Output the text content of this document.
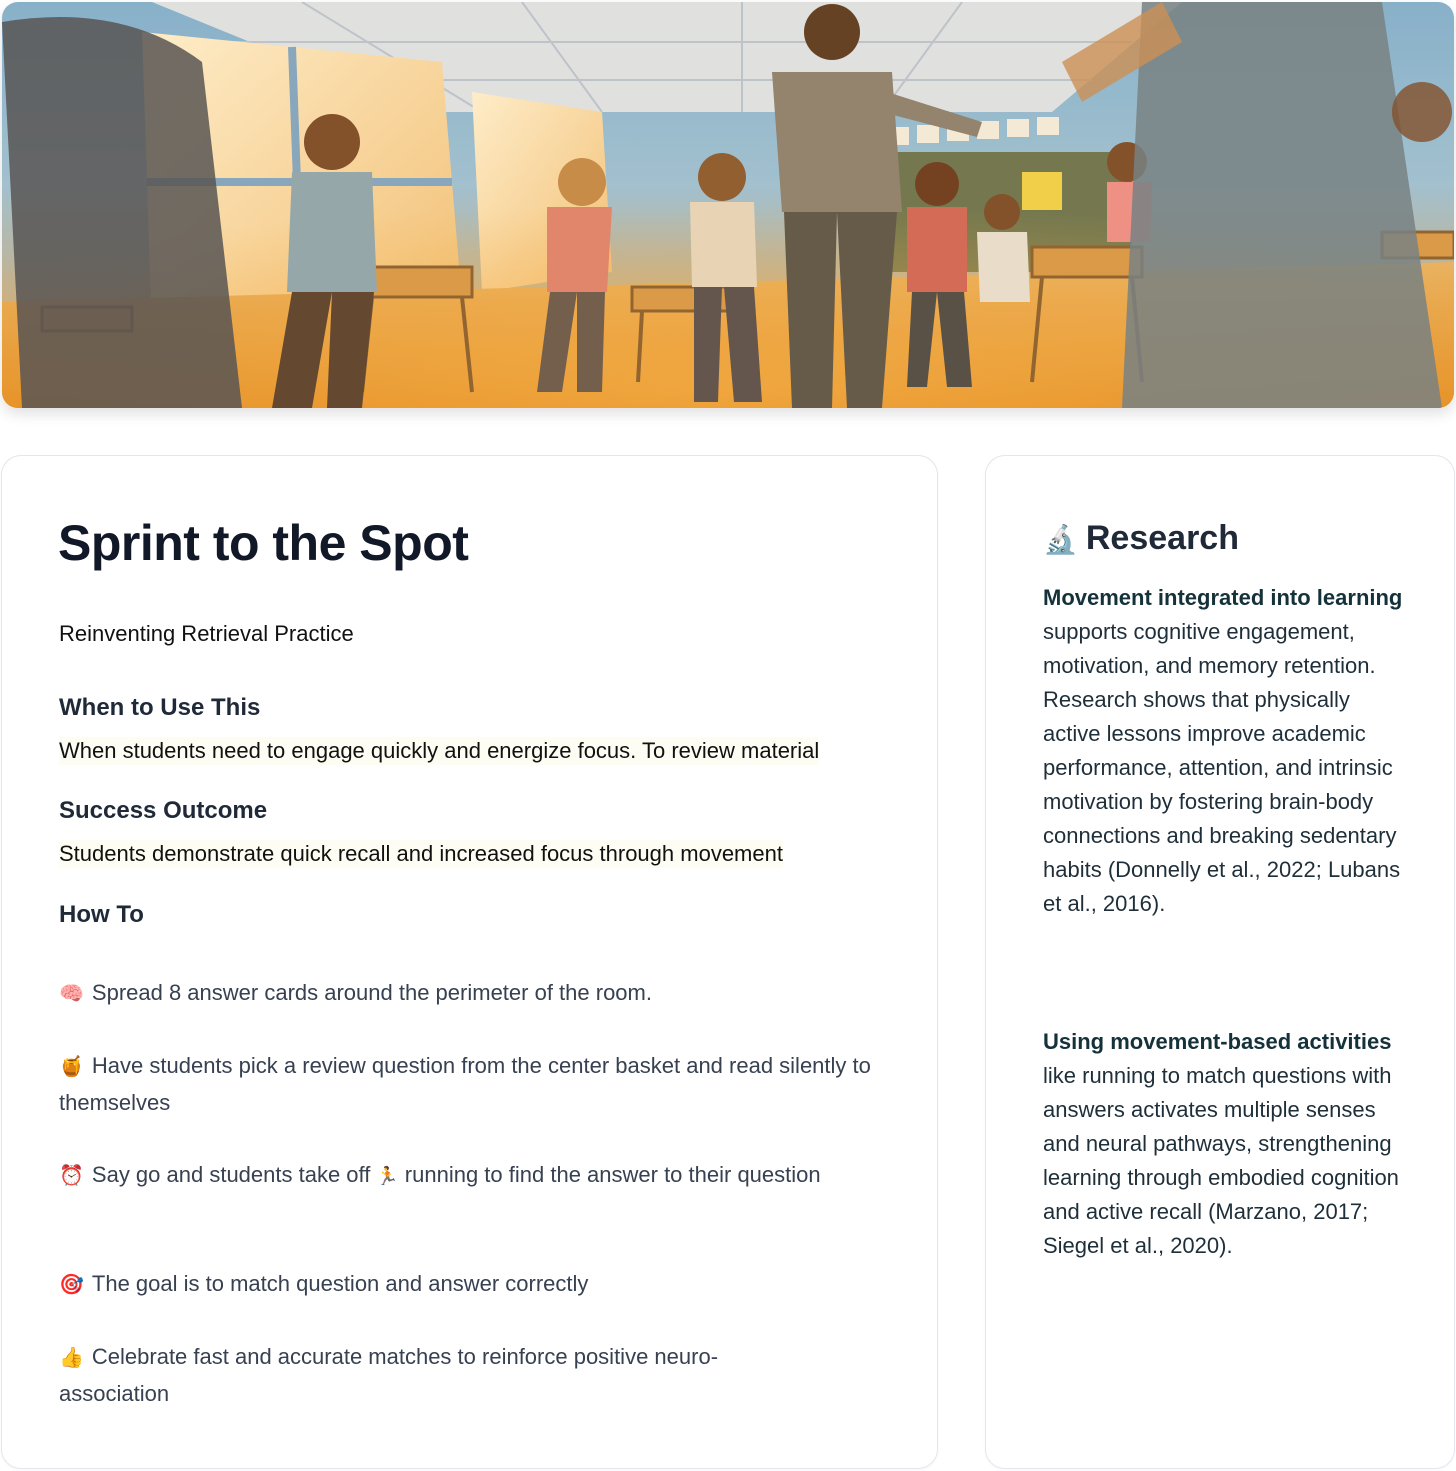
Sprint to the Spot
Reinventing Retrieval Practice
When to Use This
When students need to engage quickly and energize focus. To review material
Success Outcome
Students demonstrate quick recall and increased focus through movement
How To
🧠 Spread 8 answer cards around the perimeter of the room.
🍯 Have students pick a review question from the center basket and read silently to themselves
⏰ Say go and students take off 🏃 running to find the answer to their question
🎯 The goal is to match question and answer correctly
👍 Celebrate fast and accurate matches to reinforce positive neuro-association
🔬 Research

Movement integrated into learning supports cognitive engagement, motivation, and memory retention. Research shows that physically active lessons improve academic performance, attention, and intrinsic motivation by fostering brain-body connections and breaking sedentary habits (Donnelly et al., 2022; Lubans et al., 2016).

Using movement-based activities like running to match questions with answers activates multiple senses and neural pathways, strengthening learning through embodied cognition and active recall (Marzano, 2017; Siegel et al., 2020).
